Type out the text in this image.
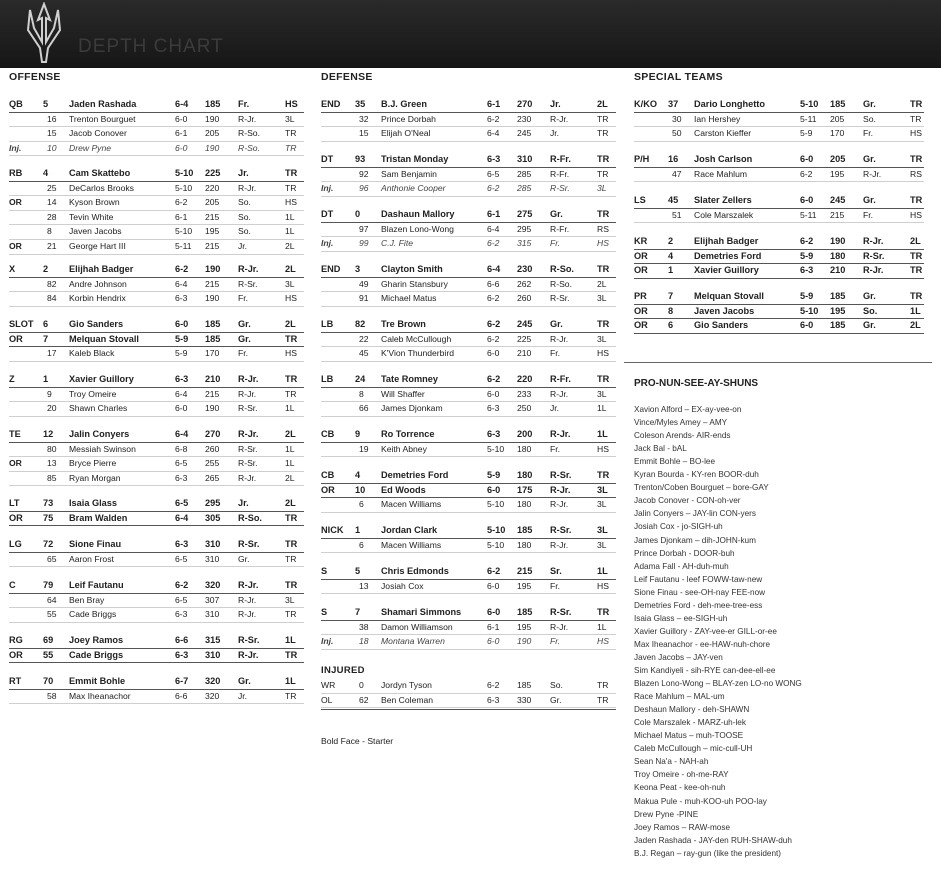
DEPTH CHART

OFFENSE
QB 5 Jaden Rashada	6-4 185 Fr.	HS
16 Trenton Bourguet	6-0 190 R-Jr.	3L
15 Jacob Conover	6-1 205 R-So.	TR
Inj.	10 Drew Pyne	6-0 190 R-So.	TR
RB 4 Cam Skattebo	5-10 225 Jr.	TR
25 DeCarlos Brooks	5-10 220 R-Jr.	TR
OR	14 Kyson Brown	6-2 205 So.	HS
28 Tevin White	6-1 215 So.	1L
8 Javen Jacobs	5-10 195 So.	1L
OR	21 George Hart III	5-11 215 Jr.	2L
X	2 Elijhah Badger	6-2 190 R-Jr.	2L
82 Andre Johnson	6-4 215 R-Sr.	3L
84 Korbin Hendrix	6-3 190 Fr.	HS
SLOT 6 Gio Sanders	6-0 185 Gr.	2L
OR 7 Melquan Stovall	5-9 185 Gr.	TR
17 Kaleb Black	5-9 170 Fr.	HS
Z	1 Xavier Guillory	6-3 210 R-Jr.	TR
9 Troy Omeire	6-4 215 R-Jr.	TR
20 Shawn Charles	6-0 190 R-Sr.	1L
TE 12 Jalin Conyers	6-4 270 R-Jr.	2L
80 Messiah Swinson	6-8 260 R-Sr.	1L
OR	13 Bryce Pierre	6-5 255 R-Sr.	1L
85 Ryan Morgan	6-3 265 R-Jr.	2L
LT	73 Isaia Glass	6-5 295 Jr.	2L
OR 75 Bram Walden	6-4 305 R-So.	TR
LG 72 Sione Finau	6-3 310 R-Sr.	TR
65 Aaron Frost	6-5 310 Gr.	TR
C	79 Leif Fautanu	6-2 320 R-Jr.	TR
64 Ben Bray	6-5 307 R-Jr.	3L
55 Cade Briggs	6-3 310 R-Jr.	TR
RG 69 Joey Ramos	6-6 315 R-Sr.	1L
OR 55 Cade Briggs	6-3 310 R-Jr.	TR
RT 70 Emmit Bohle	6-7 320 Gr.	1L
58 Max Iheanachor	6-6 320 Jr.	TR
DEFENSE
END 35 B.J. Green	6-1 270 Jr.	2L
32 Prince Dorbah	6-2 230 R-Jr.	TR
15 Elijah O'Neal	6-4 245 Jr.	TR
DT 93 Tristan Monday	6-3 310 R-Fr.	TR
92 Sam Benjamin	6-5 285 R-Fr.	TR
Inj.	96 Anthonie Cooper	6-2 285 R-Sr.	3L
DT 0 Dashaun Mallory	6-1 275 Gr.	TR
97 Blazen Lono-Wong	6-4 295 R-Fr.	RS
Inj.	99 C.J. Fite	6-2 315 Fr.	HS
END 3 Clayton Smith	6-4 230 R-So.	TR
49 Gharin Stansbury	6-6 262 R-So.	2L
91 Michael Matus	6-2 260 R-Sr.	3L
LB 82 Tre Brown	6-2 245 Gr.	TR
22 Caleb McCullough	6-2 225 R-Jr.	3L
45 K'Vion Thunderbird	6-0 210 Fr.	HS
LB 24 Tate Romney	6-2 220 R-Fr.	TR
8 Will Shaffer	6-0 233 R-Jr.	3L
66 James Djonkam	6-3 250 Jr.	1L
CB 9 Ro Torrence	6-3 200 R-Jr.	1L
19 Keith Abney	5-10 180 Fr.	HS
CB 4 Demetries Ford	5-9 180 R-Sr.	TR
OR 10 Ed Woods	6-0 175 R-Jr.	3L
6 Macen Williams	5-10 180 R-Jr.	3L
NICK 1 Jordan Clark	5-10 185 R-Sr.	3L
6 Macen Williams	5-10 180 R-Jr.	3L
S	5 Chris Edmonds	6-2 215 Sr.	1L
13 Josiah Cox	6-0 195 Fr.	HS
S	7 Shamari Simmons	6-0 185 R-Sr.	TR
38 Damon Williamson	6-1 195 R-Jr.	1L
Inj.	18 Montana Warren	6-0 190 Fr.	HS
INJURED
WR	0 Jordyn Tyson	6-2 185 So.	TR
OL	62 Ben Coleman	6-3 330 Gr.	TR
Bold Face - Starter
SPECIAL TEAMS
K/KO 37 Dario Longhetto	5-10 185 Gr.	TR
30 Ian Hershey	5-11 205 So.	TR
50 Carston Kieffer	5-9 170 Fr.	HS
P/H 16 Josh Carlson	6-0 205 Gr.	TR
47 Race Mahlum	6-2 195 R-Jr.	RS
LS 45 Slater Zellers	6-0 245 Gr.	TR
51 Cole Marszalek	5-11 215 Fr.	HS
KR 2 Elijhah Badger	6-2 190 R-Jr.	2L
OR 4 Demetries Ford	5-9 180 R-Sr.	TR
OR 1 Xavier Guillory	6-3 210 R-Jr.	TR
PR 7 Melquan Stovall	5-9 185 Gr.	TR
OR 8 Javen Jacobs	5-10 195 So.	1L
OR 6 Gio Sanders	6-0 185 Gr.	2L
PRO-NUN-SEE-AY-SHUNS
Xavion Alford – EX-ay-vee-on
Vince/Myles Amey – AMY
Coleson Arends- AIR-ends
Jack Bal - bAL
Emmit Bohle – BO-lee
Kyran Bourda - KY-ren BOOR-duh
Trenton/Coben Bourguet – bore-GAY
Jacob Conover - CON-oh-ver
Jalin Conyers – JAY-lin CON-yers
Josiah Cox - jo-SIGH-uh
James Djonkam – dih-JOHN-kum
Prince Dorbah - DOOR-buh
Adama Fall - AH-duh-muh
Leif Fautanu - leef FOWW-taw-new
Sione Finau - see-OH-nay FEE-now
Demetries Ford - deh-mee-tree-ess
Isaia Glass – ee-SIGH-uh
Xavier Guillory - ZAY-vee-er GILL-or-ee
Max Iheanachor - ee-HAW-nuh-chore
Javen Jacobs – JAY-ven
Sim Kandiyeli - sih-RYE can-dee-ell-ee
Blazen Lono-Wong – BLAY-zen LO-no WONG
Race Mahlum – MAL-um
Deshaun Mallory - deh-SHAWN
Cole Marszalek - MARZ-uh-lek
Michael Matus – muh-TOOSE
Caleb McCullough – mic-cull-UH
Sean Na'a - NAH-ah
Troy Omeire - oh-me-RAY
Keona Peat - kee-oh-nuh
Makua Pule - muh-KOO-uh POO-lay
Drew Pyne -PINE
Joey Ramos – RAW-mose
Jaden Rashada - JAY-den RUH-SHAW-duh
B.J. Regan – ray-gun (like the president)
